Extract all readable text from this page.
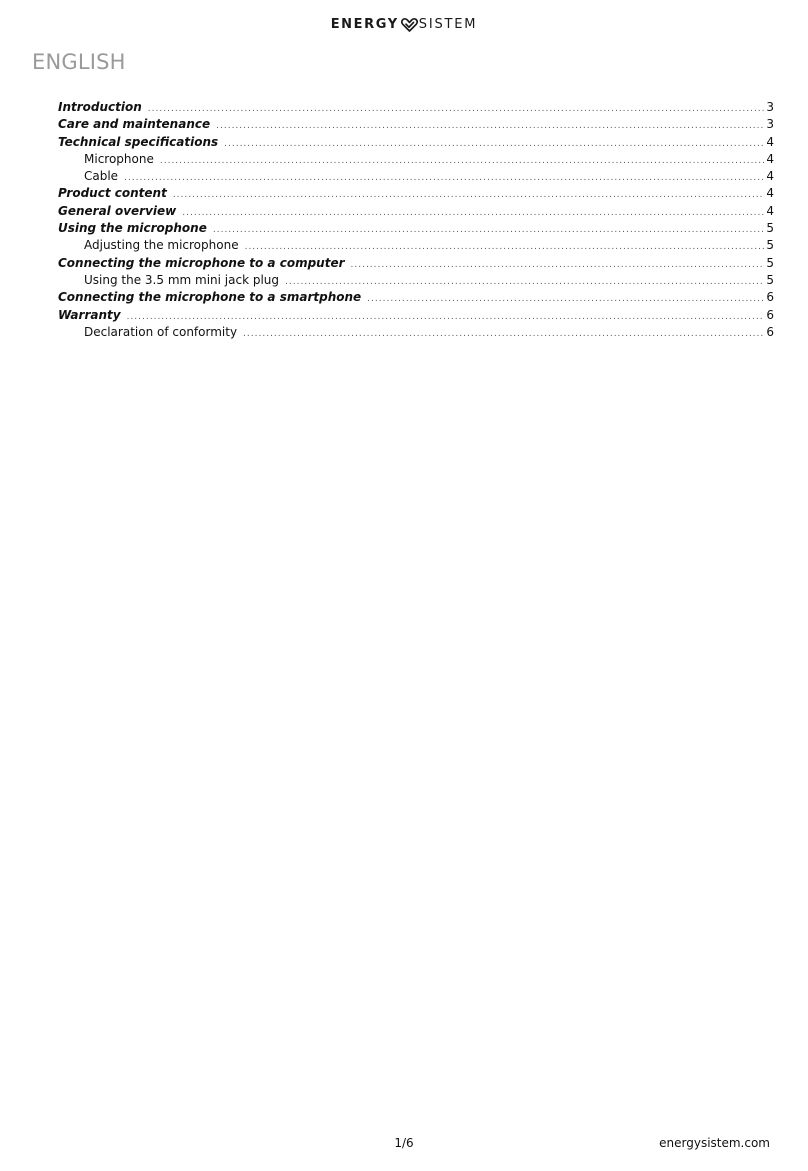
ENERGY SISTEM
ENGLISH
Introduction .....	3
Care and maintenance .....	3
Technical specifications .....	4
Microphone .....	4
Cable .....	4
Product content .....	4
General overview .....	4
Using the microphone .....	5
Adjusting the microphone .....	5
Connecting the microphone to a computer .....	5
Using the 3.5 mm mini jack plug .....	5
Connecting the microphone to a smartphone .....	6
Warranty .....	6
Declaration of conformity .....	6
1/6	energysistem.com
